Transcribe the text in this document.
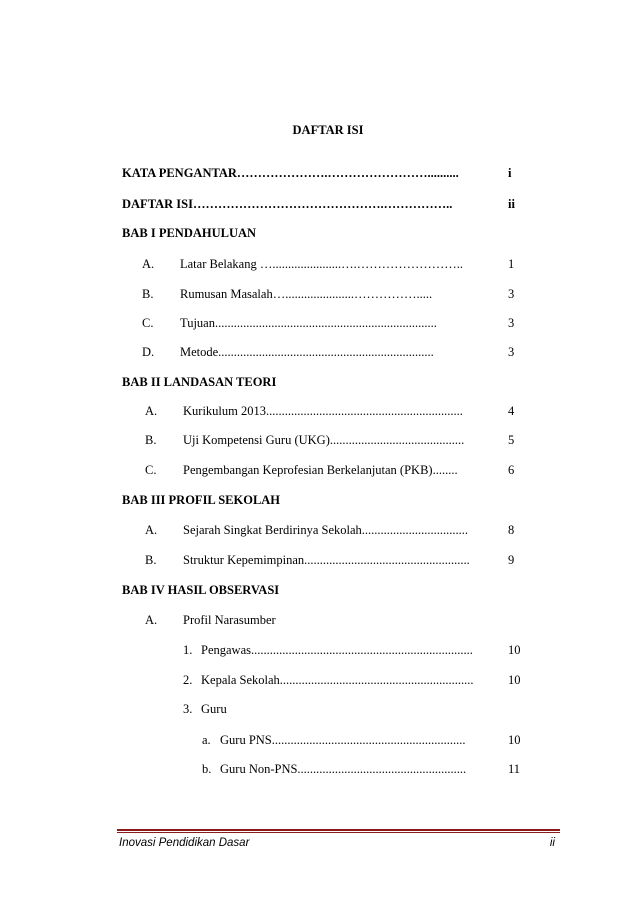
DAFTAR ISI
KATA PENGANTAR………………….……………………..........	i
DAFTAR ISI……………………………………….……………..	ii
BAB I PENDAHULUAN
A. Latar Belakang …......................….……………………..	1
B. Rumusan Masalah…......................…………….....	3
C. Tujuan.......................................................................	3
D. Metode.....................................................................	3
BAB II LANDASAN TEORI
A. Kurikulum 2013...............................................................	4
B. Uji Kompetensi Guru (UKG)...........................................	5
C. Pengembangan Keprofesian Berkelanjutan (PKB)........	6
BAB III PROFIL SEKOLAH
A. Sejarah Singkat Berdirinya Sekolah..................................	8
B. Struktur Kepemimpinan.....................................................	9
BAB IV HASIL OBSERVASI
A. Profil Narasumber
1. Pengawas.......................................................................	10
2. Kepala Sekolah..............................................................	10
3. Guru
a. Guru PNS..............................................................	10
b. Guru Non-PNS......................................................	11
Inovasi Pendidikan Dasar	ii
